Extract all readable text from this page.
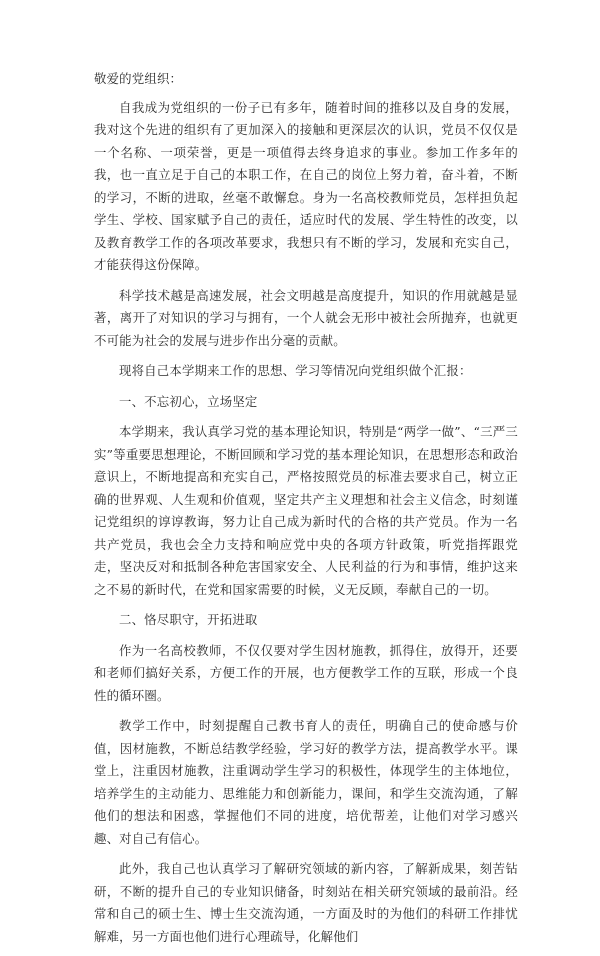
敬爱的党组织：

自我成为党组织的一份子已有多年，随着时间的推移以及自身的发展，我对这个先进的组织有了更加深入的接触和更深层次的认识，党员不仅仅是一个名称、一项荣誉，更是一项值得去终身追求的事业。参加工作多年的我，也一直立足于自己的本职工作，在自己的岗位上努力着，奋斗着，不断的学习，不断的进取，丝毫不敢懈怠。身为一名高校教师党员，怎样担负起学生、学校、国家赋予自己的责任，适应时代的发展、学生特性的改变，以及教育教学工作的各项改革要求，我想只有不断的学习，发展和充实自己，才能获得这份保障。

科学技术越是高速发展，社会文明越是高度提升，知识的作用就越是显著，离开了对知识的学习与拥有，一个人就会无形中被社会所抛弃，也就更不可能为社会的发展与进步作出分毫的贡献。

现将自己本学期来工作的思想、学习等情况向党组织做个汇报：

一、不忘初心，立场坚定

本学期来，我认真学习党的基本理论知识，特别是“两学一做”、“三严三实”等重要思想理论，不断回顾和学习党的基本理论知识，在思想形态和政治意识上，不断地提高和充实自己，严格按照党员的标准去要求自己，树立正确的世界观、人生观和价值观，坚定共产主义理想和社会主义信念，时刻谨记党组织的谆谆教诲，努力让自己成为新时代的合格的共产党员。作为一名共产党员，我也会全力支持和响应党中央的各项方针政策，听党指挥跟党走，坚决反对和抵制各种危害国家安全、人民利益的行为和事情，维护这来之不易的新时代，在党和国家需要的时候，义无反顾，奉献自己的一切。

二、恪尽职守，开拓进取

作为一名高校教师，不仅仅要对学生因材施教，抓得住，放得开，还要和老师们搞好关系，方便工作的开展，也方便教学工作的互联，形成一个良性的循环圈。

教学工作中，时刻提醒自己教书育人的责任，明确自己的使命感与价值，因材施教，不断总结教学经验，学习好的教学方法，提高教学水平。课堂上，注重因材施教，注重调动学生学习的积极性，体现学生的主体地位，培养学生的主动能力、思维能力和创新能力，课间，和学生交流沟通，了解他们的想法和困惑，掌握他们不同的进度，培优帮差，让他们对学习感兴趣、对自己有信心。

此外，我自己也认真学习了解研究领域的新内容，了解新成果，刻苦钻研，不断的提升自己的专业知识储备，时刻站在相关研究领域的最前沿。经常和自己的硕士生、博士生交流沟通，一方面及时的为他们的科研工作排忧解难，另一方面也他们进行心理疏导，化解他们
